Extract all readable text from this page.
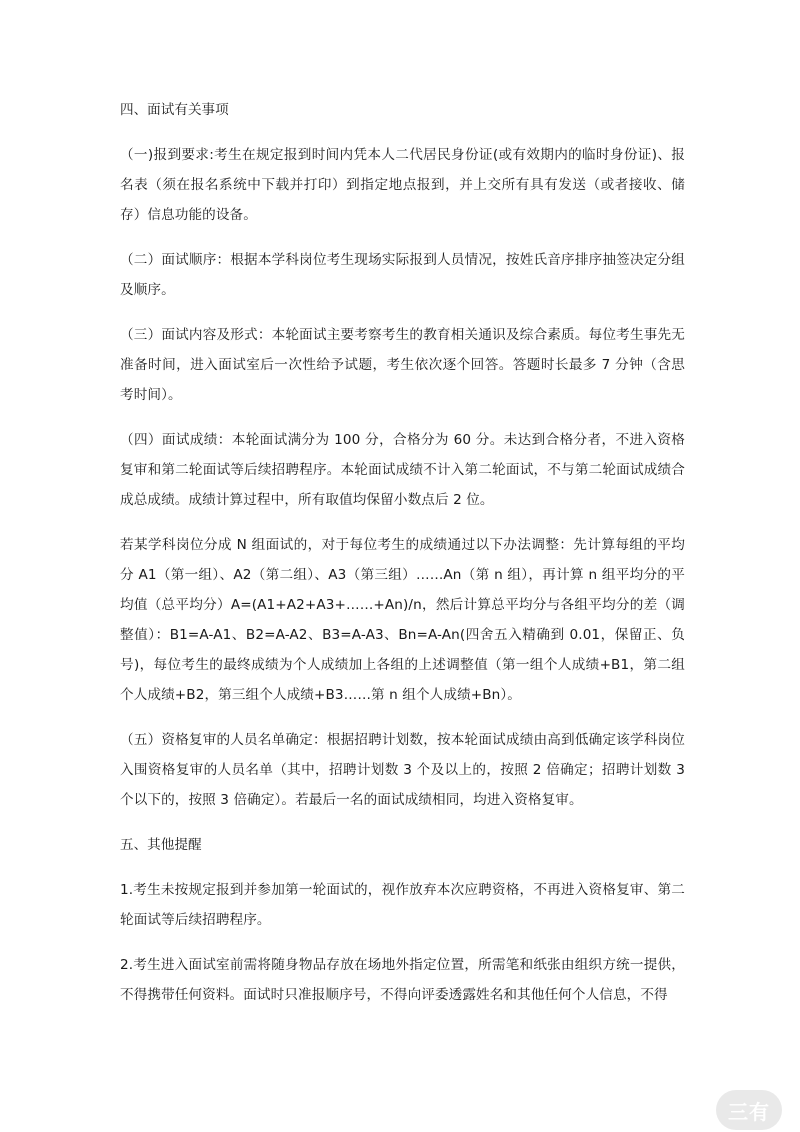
四、面试有关事项

（一)报到要求:考生在规定报到时间内凭本人二代居民身份证(或有效期内的临时身份证)、报名表（须在报名系统中下载并打印）到指定地点报到，并上交所有具有发送（或者接收、储存）信息功能的设备。

（二）面试顺序：根据本学科岗位考生现场实际报到人员情况，按姓氏音序排序抽签决定分组及顺序。

（三）面试内容及形式：本轮面试主要考察考生的教育相关通识及综合素质。每位考生事先无准备时间，进入面试室后一次性给予试题，考生依次逐个回答。答题时长最多 7 分钟（含思考时间）。

（四）面试成绩：本轮面试满分为 100 分，合格分为 60 分。未达到合格分者，不进入资格复审和第二轮面试等后续招聘程序。本轮面试成绩不计入第二轮面试，不与第二轮面试成绩合成总成绩。成绩计算过程中，所有取值均保留小数点后 2 位。

若某学科岗位分成 N 组面试的，对于每位考生的成绩通过以下办法调整：先计算每组的平均分 A1（第一组）、A2（第二组）、A3（第三组）……An（第 n 组），再计算 n 组平均分的平均值（总平均分）A=(A1+A2+A3+……+An)/n，然后计算总平均分与各组平均分的差（调整值）：B1=A-A1、B2=A-A2、B3=A-A3、Bn=A-An(四舍五入精确到 0.01，保留正、负号)，每位考生的最终成绩为个人成绩加上各组的上述调整值（第一组个人成绩+B1，第二组个人成绩+B2，第三组个人成绩+B3……第 n 组个人成绩+Bn）。

（五）资格复审的人员名单确定：根据招聘计划数，按本轮面试成绩由高到低确定该学科岗位入围资格复审的人员名单（其中，招聘计划数 3 个及以上的，按照 2 倍确定；招聘计划数 3 个以下的，按照 3 倍确定）。若最后一名的面试成绩相同，均进入资格复审。

五、其他提醒

1.考生未按规定报到并参加第一轮面试的，视作放弃本次应聘资格，不再进入资格复审、第二轮面试等后续招聘程序。

2.考生进入面试室前需将随身物品存放在场地外指定位置，所需笔和纸张由组织方统一提供，不得携带任何资料。面试时只准报顺序号，不得向评委透露姓名和其他任何个人信息，不得

三有
